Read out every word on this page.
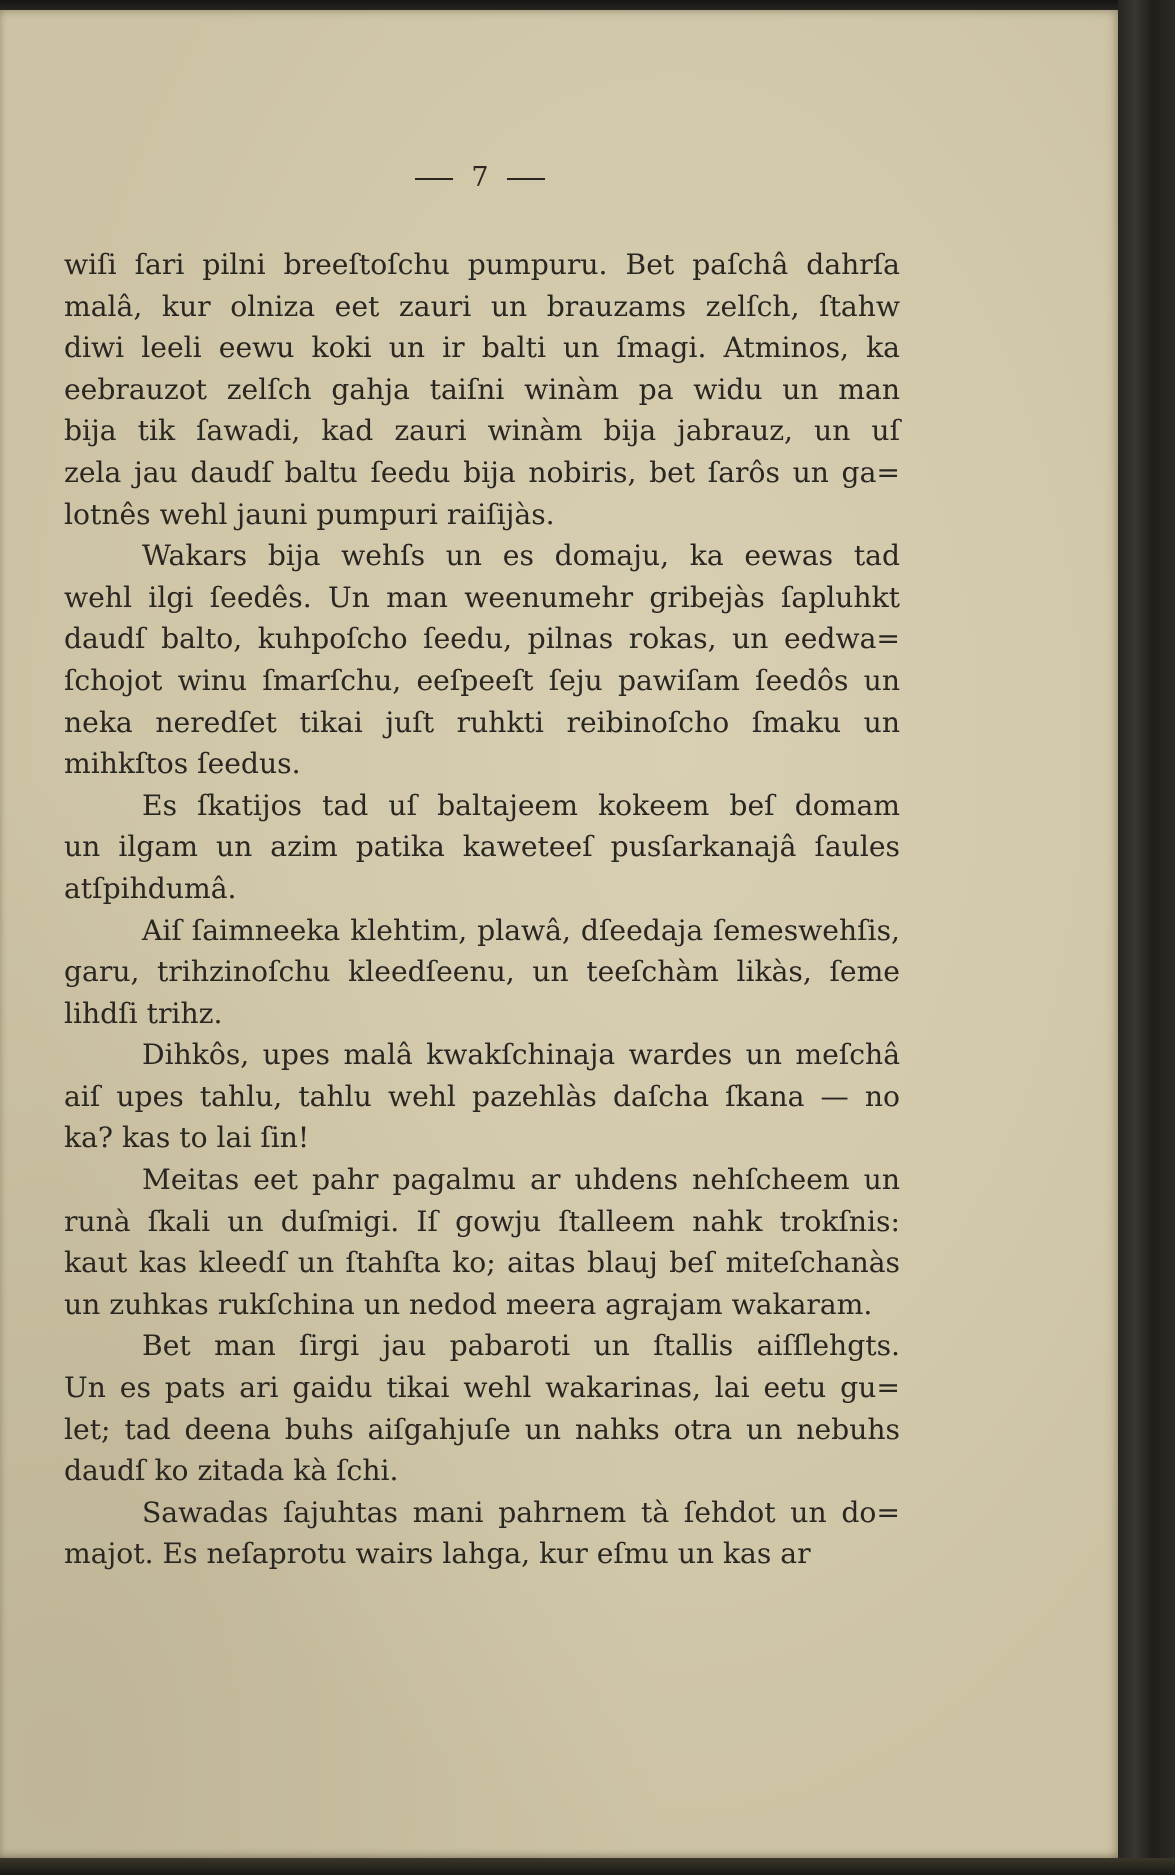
7

wiſi ſari pilni breeſtoſchu pumpuru. Bet paſchâ dahrſa
malâ, kur olniza eet zauri un brauzams zelſch, ſtahw
diwi leeli eewu koki un ir balti un ſmagi. Atminos, ka
eebrauzot zelſch gahja taiſni winàm pa widu un man
bija tik ſawadi, kad zauri winàm bija jabrauz, un uſ
zela jau daudſ baltu ſeedu bija nobiris, bet ſarôs un ga=
lotnês wehl jauni pumpuri raiſijàs.

Wakars bija wehſs un es domaju, ka eewas tad
wehl ilgi ſeedês. Un man weenumehr gribejàs ſapluhkt
daudſ balto, kuhpoſcho ſeedu, pilnas rokas, un eedwa=
ſchojot winu ſmarſchu, eeſpeeſt ſeju pawiſam ſeedôs un
neka neredſet tikai juſt ruhkti reibinoſcho ſmaku un
mihkſtos ſeedus.

Es ſkatijos tad uſ baltajeem kokeem beſ domam
un ilgam un azim patika kaweteeſ pusſarkanajâ ſaules
atſpihdumâ.

Aiſ ſaimneeka klehtim, plawâ, dſeedaja ſemeswehſis,
garu, trihzinoſchu kleedſeenu, un teeſchàm likàs, ſeme
lihdſi trihz.

Dihkôs, upes malâ kwakſchinaja wardes un meſchâ
aiſ upes tahlu, tahlu wehl pazehlàs daſcha ſkana — no
ka? kas to lai ſin!

Meitas eet pahr pagalmu ar uhdens nehſcheem un
runà ſkali un duſmigi. Iſ gowju ſtalleem nahk trokſnis:
kaut kas kleedſ un ſtahſta ko; aitas blauj beſ miteſchanàs
un zuhkas rukſchina un nedod meera agrajam wakaram.

Bet man ſirgi jau pabaroti un ſtallis aiſſlehgts.
Un es pats ari gaidu tikai wehl wakarinas, lai eetu gu=
let; tad deena buhs aiſgahjuſe un nahks otra un nebuhs
daudſ ko zitada kà ſchi.

Sawadas ſajuhtas mani pahrnem tà ſehdot un do=
majot. Es neſaprotu wairs lahga, kur eſmu un kas ar
